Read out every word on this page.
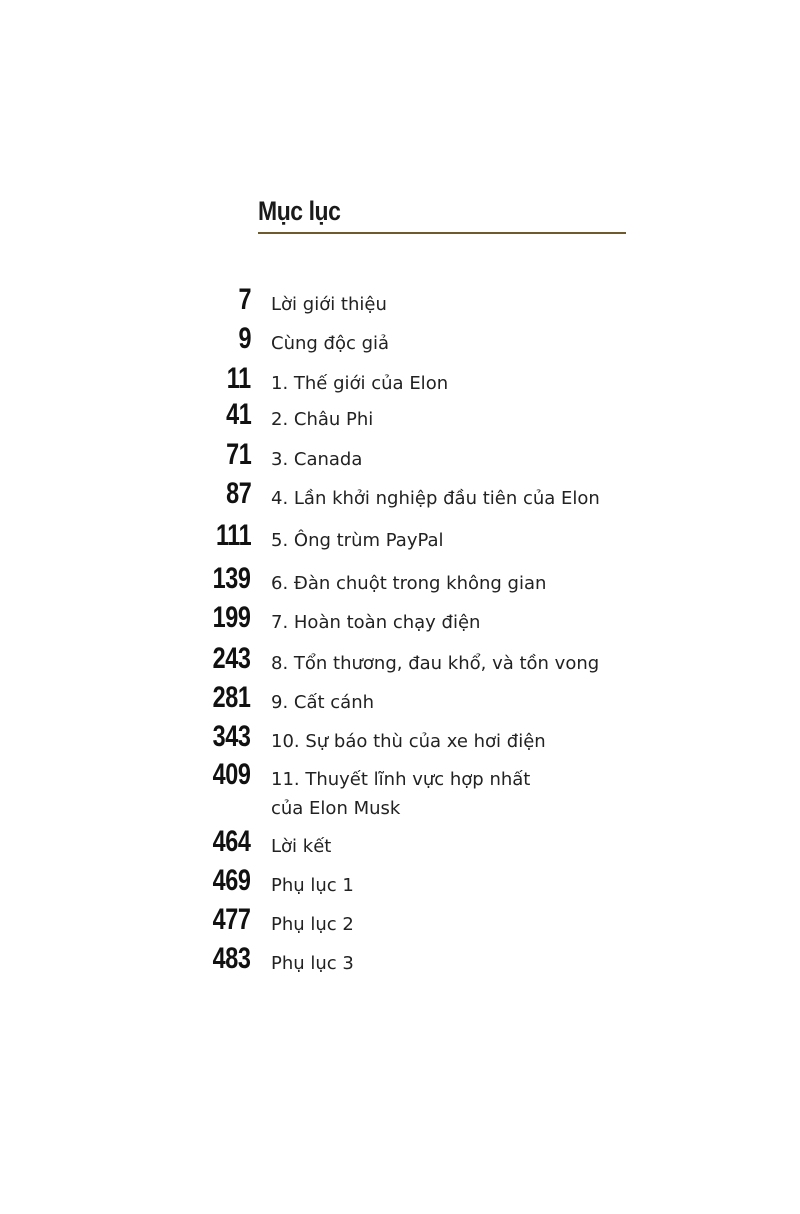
Mục lục
7 Lời giới thiệu
9 Cùng độc giả
11 1. Thế giới của Elon
41 2. Châu Phi
71 3. Canada
87 4. Lần khởi nghiệp đầu tiên của Elon
111 5. Ông trùm PayPal
139 6. Đàn chuột trong không gian
199 7. Hoàn toàn chạy điện
243 8. Tổn thương, đau khổ, và tồn vong
281 9. Cất cánh
343 10. Sự báo thù của xe hơi điện
409 11. Thuyết lĩnh vực hợp nhất
của Elon Musk
464 Lời kết
469 Phụ lục 1
477 Phụ lục 2
483 Phụ lục 3
